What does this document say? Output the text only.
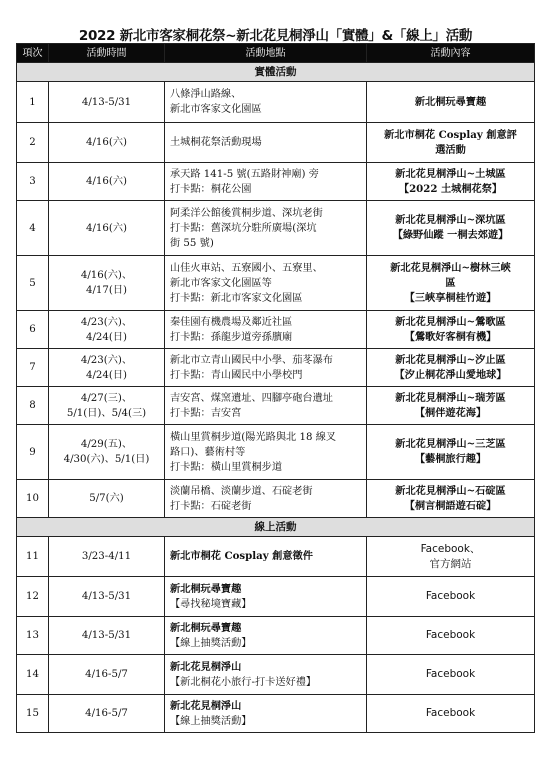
2022 新北市客家桐花祭~新北花見桐淨山「實體」&「線上」活動
項次	活動時間	活動地點	活動內容
實體活動			
1	4/13-5/31	八條淨山路線、
新北市客家文化園區	新北桐玩尋寶趣

2	4/16(六)	土城桐花祭活動現場	新北市桐花 Cosplay 創意評
選活動

3	4/16(六)	承天路 141-5 號(五路財神廟) 旁
打卡點：桐花公園	新北花見桐淨山~土城區
【2022 土城桐花祭】

4	4/16(六)	阿柔洋公館後賞桐步道、深坑老街
打卡點：舊深坑分駐所廣場(深坑
街 55 號)	新北花見桐淨山~深坑區
【綠野仙蹤 一桐去郊遊】

5	4/16(六)、
4/17(日)	山佳火車站、五寮國小、五寮里、
新北市客家文化園區等
打卡點：新北市客家文化園區	新北花見桐淨山~樹林三峽
區
【三峽享桐桂竹遊】

6	4/23(六)、
4/24(日)	秦佳園有機農場及鄰近社區
打卡點：孫龍步道旁孫臏廟	新北花見桐淨山~鶯歌區
【鶯歌好客桐有機】

7	4/23(六)、
4/24(日)	新北市立青山國民中小學、茄苳瀑布
打卡點：青山國民中小學校門	新北花見桐淨山~汐止區
【汐止桐花淨山愛地球】

8	4/27(三)、
5/1(日)、5/4(三)	吉安宮、煤窯遺址、四腳亭砲台遺址
打卡點：吉安宮	新北花見桐淨山~瑞芳區
【桐伴遊花海】

9	4/29(五)、
4/30(六)、5/1(日)	橫山里賞桐步道(陽光路與北 18 線叉
路口)、藝術村等
打卡點：橫山里賞桐步道	新北花見桐淨山~三芝區
【藝桐旅行趣】

10	5/7(六)	淡蘭吊橋、淡蘭步道、石碇老街
打卡點：石碇老街	新北花見桐淨山~石碇區
【桐言桐語遊石碇】

線上活動			
11	3/23-4/11	新北市桐花 Cosplay 創意徵件	Facebook、
官方網站

12	4/13-5/31	新北桐玩尋寶趣
【尋找秘境寶藏】	Facebook

13	4/13-5/31	新北桐玩尋寶趣
【線上抽獎活動】	Facebook

14	4/16-5/7	新北花見桐淨山
【新北桐花小旅行-打卡送好禮】	Facebook

15	4/16-5/7	新北花見桐淨山
【線上抽獎活動】	Facebook
